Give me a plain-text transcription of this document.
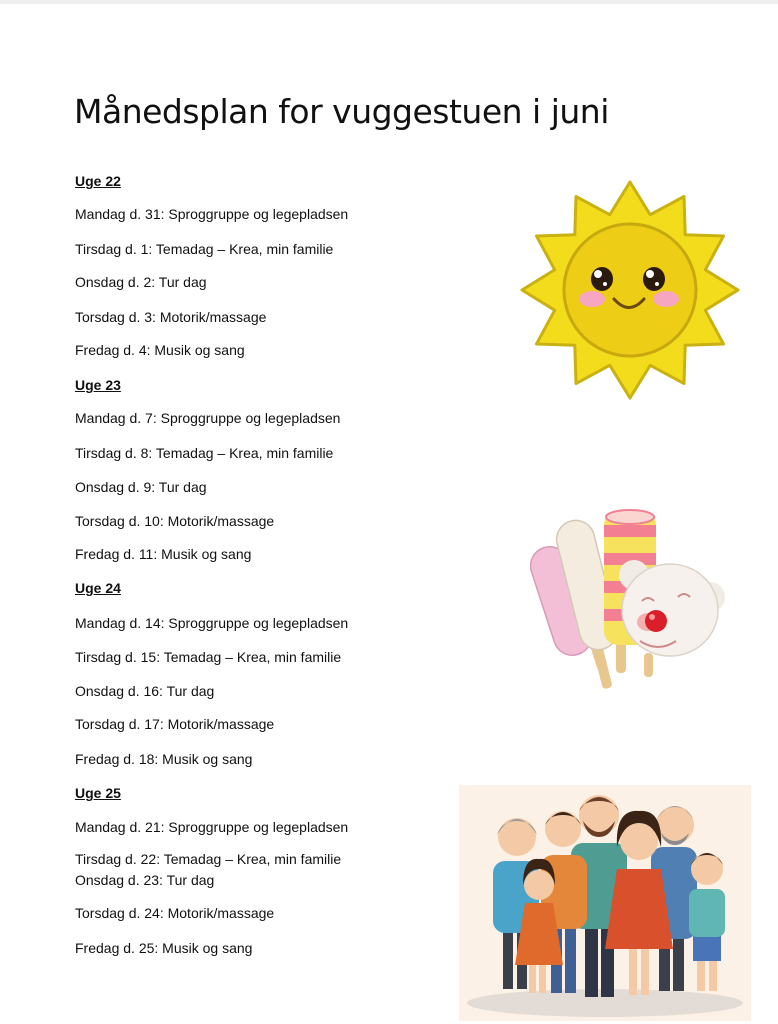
Månedsplan for vuggestuen i juni
Uge 22
Mandag d. 31: Sproggruppe og legepladsen
Tirsdag d. 1: Temadag – Krea, min familie
Onsdag d. 2: Tur dag
Torsdag d. 3: Motorik/massage
Fredag d. 4: Musik og sang
Uge 23
Mandag d. 7: Sproggruppe og legepladsen
Tirsdag d. 8: Temadag – Krea, min familie
Onsdag d. 9: Tur dag
Torsdag d. 10: Motorik/massage
Fredag d. 11: Musik og sang
Uge 24
Mandag d. 14: Sproggruppe og legepladsen
Tirsdag d. 15: Temadag – Krea, min familie
Onsdag d. 16: Tur dag
Torsdag d. 17: Motorik/massage
Fredag d. 18: Musik og sang
Uge 25
Mandag d. 21: Sproggruppe og legepladsen
Tirsdag d. 22: Temadag – Krea, min familie
Onsdag d. 23: Tur dag
Torsdag d. 24: Motorik/massage
Fredag d. 25: Musik og sang
